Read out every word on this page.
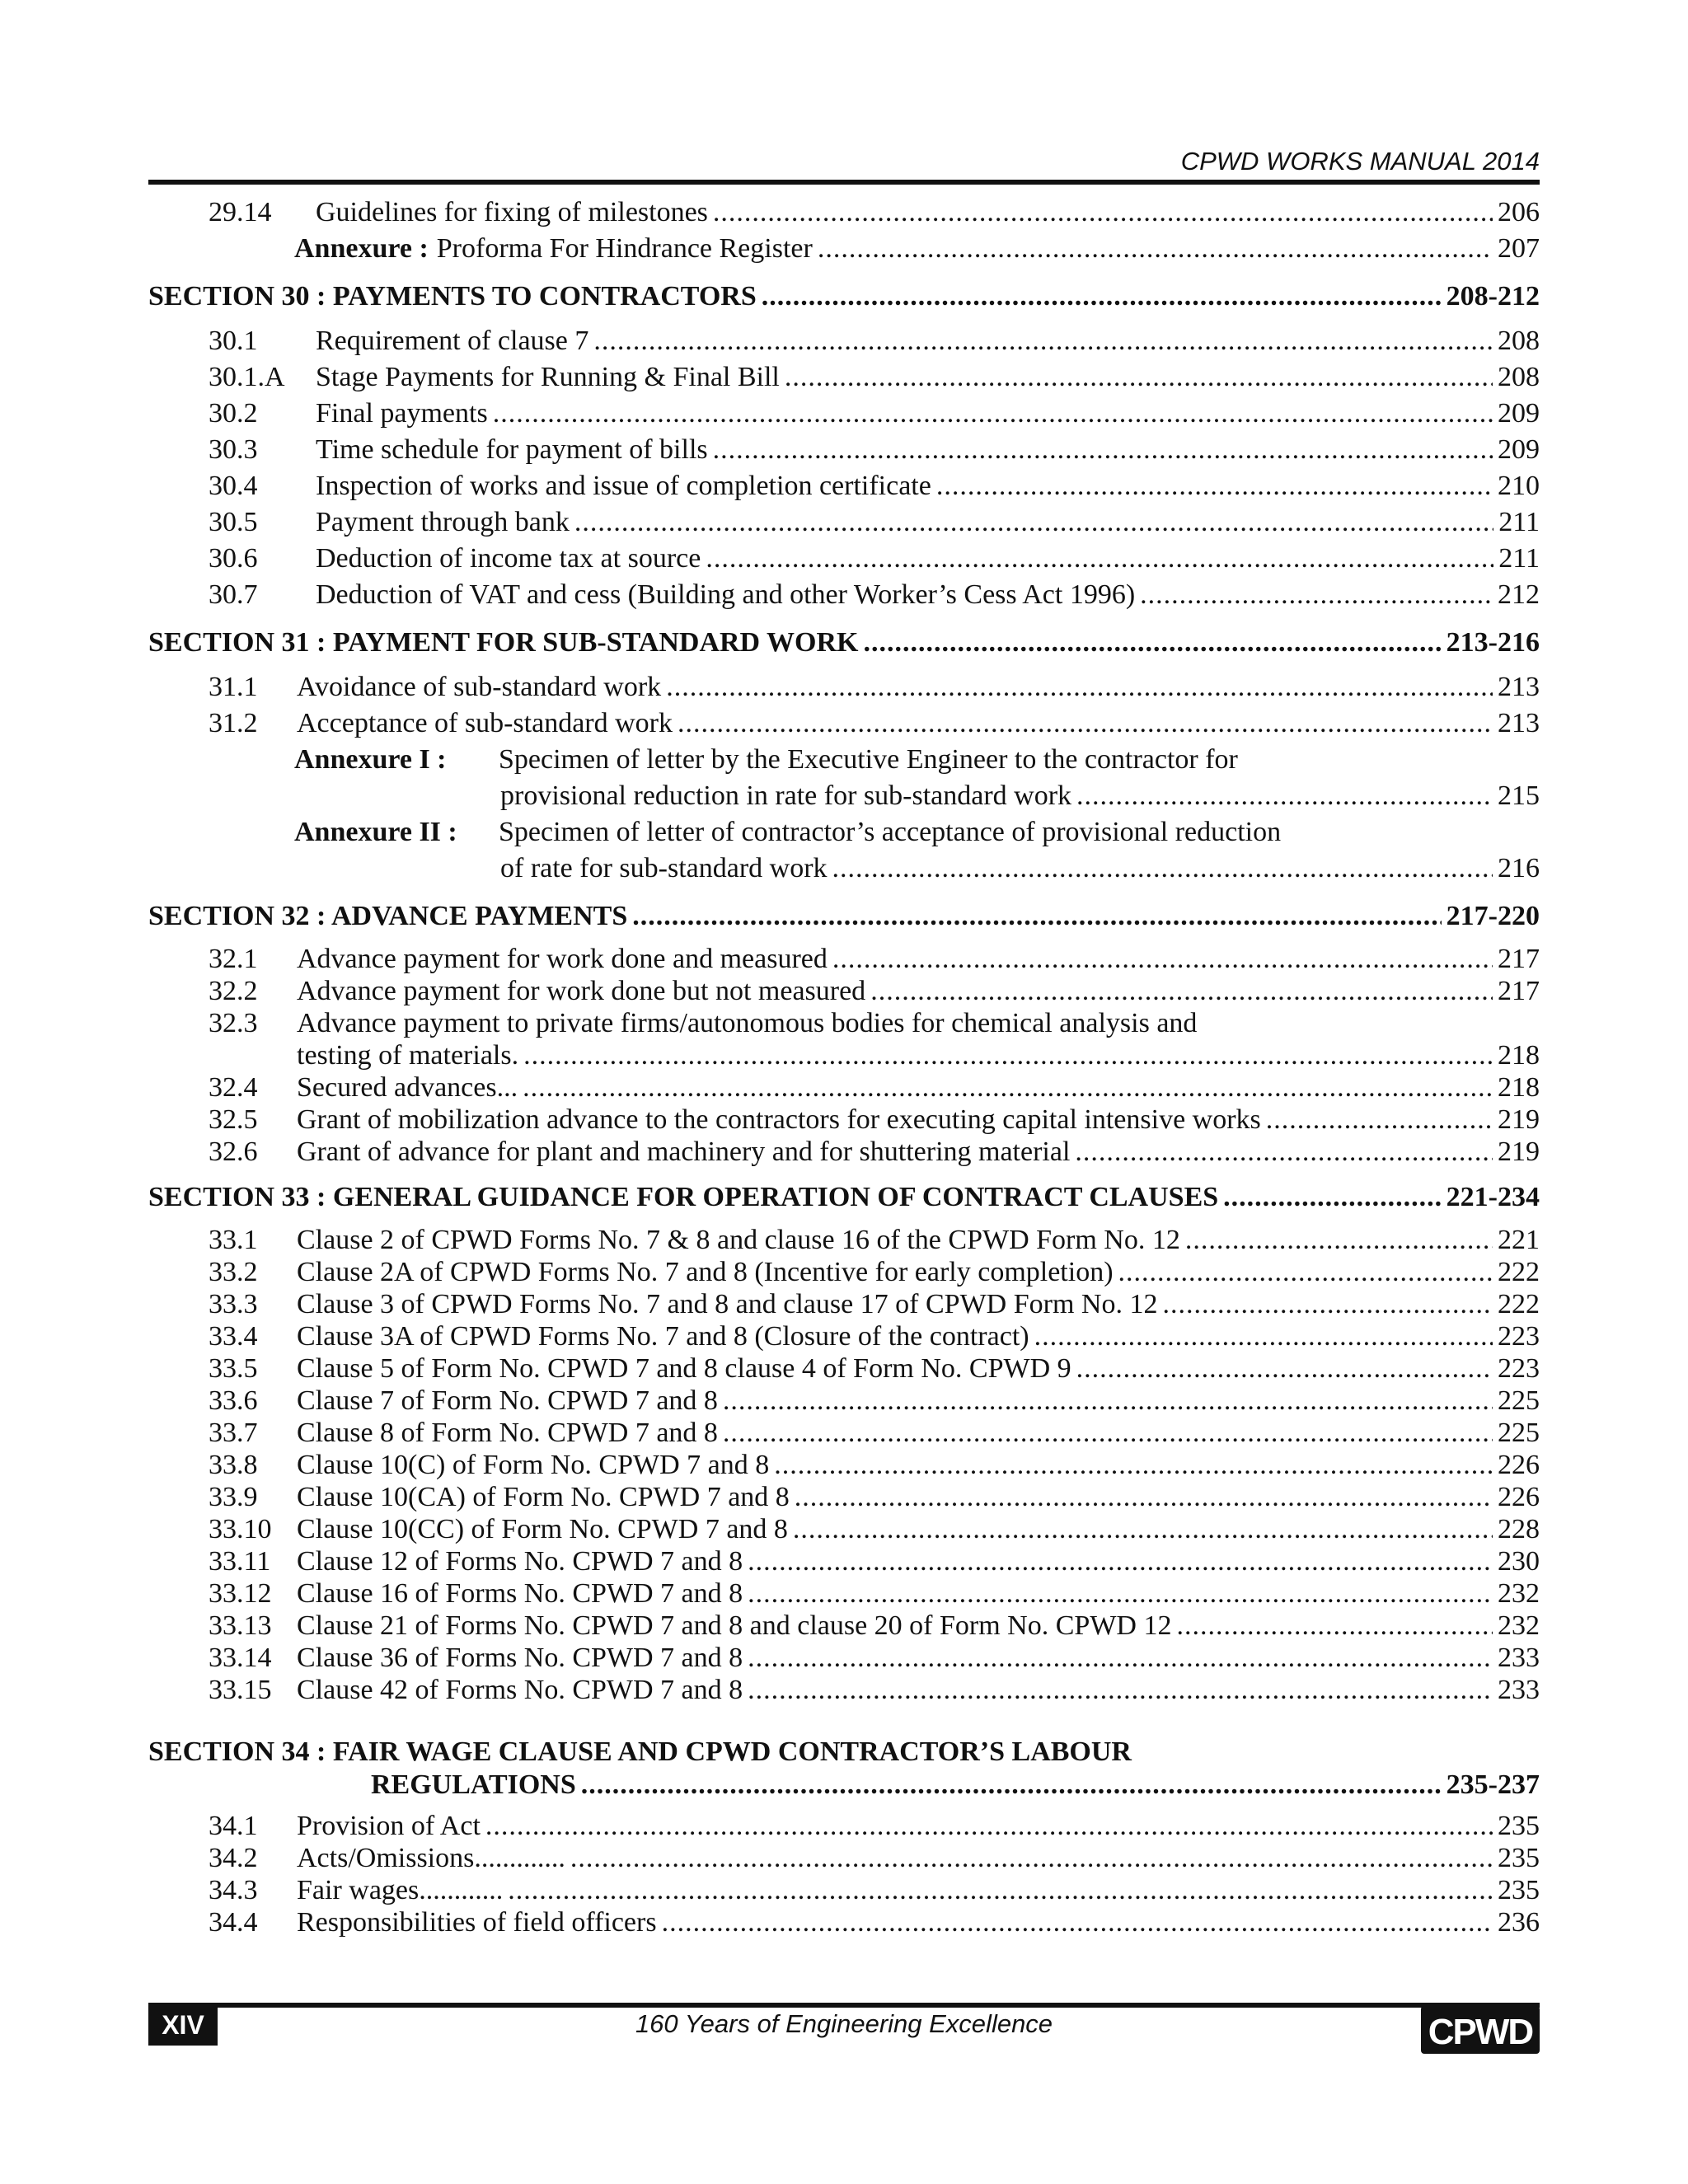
CPWD WORKS MANUAL 2014
29.14	Guidelines for fixing of milestones .....	206
Annexure : Proforma For Hindrance Register .....	207
SECTION 30 : PAYMENTS TO CONTRACTORS .....	208-212
30.1	Requirement of clause 7 .....	208
30.1.A	Stage Payments for Running & Final Bill .....	208
30.2	Final payments .....	209
30.3	Time schedule for payment of bills .....	209
30.4	Inspection of works and issue of completion certificate .....	210
30.5	Payment through bank .....	211
30.6	Deduction of income tax at source .....	211
30.7	Deduction of VAT and cess (Building and other Worker’s Cess Act 1996) .....	212
SECTION 31 : PAYMENT FOR SUB-STANDARD WORK .....	213-216
31.1	Avoidance of sub-standard work .....	213
31.2	Acceptance of sub-standard work .....	213
Annexure I :	Specimen of letter by the Executive Engineer to the contractor for
provisional reduction in rate for sub-standard work .....	215
Annexure II :	Specimen of letter of contractor’s acceptance of provisional reduction
of rate for sub-standard work .....	216
SECTION 32 : ADVANCE PAYMENTS .....	217-220
32.1	Advance payment for work done and measured .....	217
32.2	Advance payment for work done but not measured .....	217
32.3	Advance payment to private firms/autonomous bodies for chemical analysis and
testing of materials. .....	218
32.4	Secured advances... .....	218
32.5	Grant of mobilization advance to the contractors for executing capital intensive works .....	219
32.6	Grant of advance for plant and machinery and for shuttering material .....	219
SECTION 33 : GENERAL GUIDANCE FOR OPERATION OF CONTRACT CLAUSES .....	221-234
33.1	Clause 2 of CPWD Forms No. 7 & 8 and clause 16 of the CPWD Form No. 12 .....	221
33.2	Clause 2A of CPWD Forms No. 7 and 8 (Incentive for early completion) .....	222
33.3	Clause 3 of CPWD Forms No. 7 and 8 and clause 17 of CPWD Form No. 12 .....	222
33.4	Clause 3A of CPWD Forms No. 7 and 8 (Closure of the contract) .....	223
33.5	Clause 5 of Form No. CPWD 7 and 8 clause 4 of Form No. CPWD 9 .....	223
33.6	Clause 7 of Form No. CPWD 7 and 8 .....	225
33.7	Clause 8 of Form No. CPWD 7 and 8 .....	225
33.8	Clause 10(C) of Form No. CPWD 7 and 8 .....	226
33.9	Clause 10(CA) of Form No. CPWD 7 and 8 .....	226
33.10 Clause 10(CC) of Form No. CPWD 7 and 8 .....	228
33.11 Clause 12 of Forms No. CPWD 7 and 8 .....	230
33.12 Clause 16 of Forms No. CPWD 7 and 8 .....	232
33.13 Clause 21 of Forms No. CPWD 7 and 8 and clause 20 of Form No. CPWD 12 .....	232
33.14 Clause 36 of Forms No. CPWD 7 and 8 .....	233
33.15 Clause 42 of Forms No. CPWD 7 and 8 .....	233
SECTION 34 : FAIR WAGE CLAUSE AND CPWD CONTRACTOR’S LABOUR
REGULATIONS .....	235-237
34.1	Provision of Act .....	235
34.2	Acts/Omissions............. .....	235
34.3	Fair wages............ .....	235
34.4	Responsibilities of field officers .....	236
XIV	160 Years of Engineering Excellence	CPWD
